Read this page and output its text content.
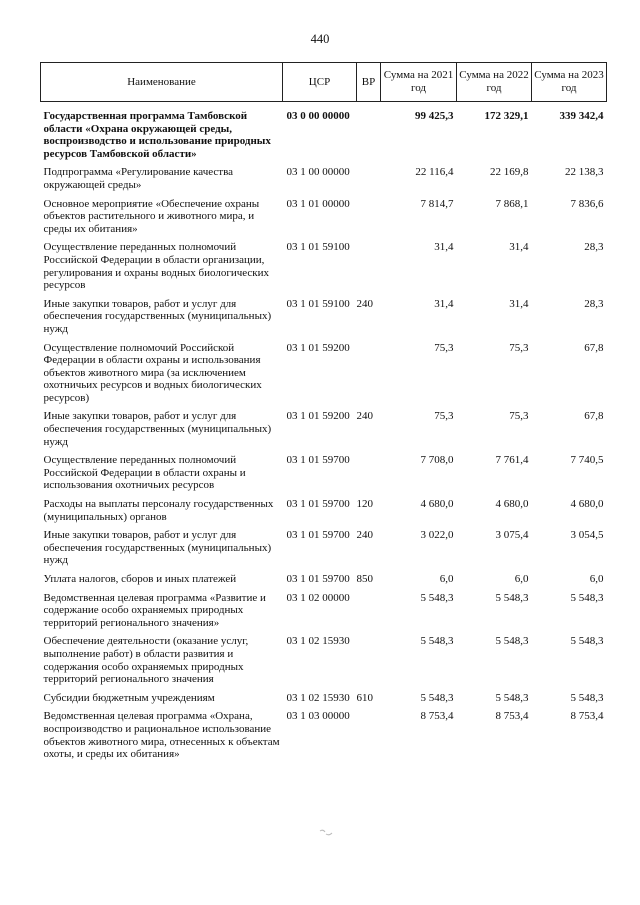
440
Наименование	ЦСР	ВР	Сумма на 2021 год	Сумма на 2022 год	Сумма на 2023 год

Государственная программа Тамбовской области «Охрана окружающей среды, воспроизводство и использование природных ресурсов Тамбовской области»	03 0 00 00000		99 425,3	172 329,1	339 342,4
Подпрограмма «Регулирование качества окружающей среды»	03 1 00 00000		22 116,4	22 169,8	22 138,3
Основное мероприятие «Обеспечение охраны объектов растительного и животного мира, и среды их обитания»	03 1 01 00000		7 814,7	7 868,1	7 836,6
Осуществление переданных полномочий Российской Федерации в области организации, регулирования и охраны водных биологических ресурсов	03 1 01 59100		31,4	31,4	28,3
Иные закупки товаров, работ и услуг для обеспечения государственных (муниципальных) нужд	03 1 01 59100	240	31,4	31,4	28,3
Осуществление полномочий Российской Федерации в области охраны и использования объектов животного мира (за исключением охотничьих ресурсов и водных биологических ресурсов)	03 1 01 59200		75,3	75,3	67,8
Иные закупки товаров, работ и услуг для обеспечения государственных (муниципальных) нужд	03 1 01 59200	240	75,3	75,3	67,8
Осуществление переданных полномочий Российской Федерации в области охраны и использования охотничьих ресурсов	03 1 01 59700		7 708,0	7 761,4	7 740,5
Расходы на выплаты персоналу государственных (муниципальных) органов	03 1 01 59700	120	4 680,0	4 680,0	4 680,0
Иные закупки товаров, работ и услуг для обеспечения государственных (муниципальных) нужд	03 1 01 59700	240	3 022,0	3 075,4	3 054,5
Уплата налогов, сборов и иных платежей	03 1 01 59700	850	6,0	6,0	6,0
Ведомственная целевая программа «Развитие и содержание особо охраняемых природных территорий регионального значения»	03 1 02 00000		5 548,3	5 548,3	5 548,3
Обеспечение деятельности (оказание услуг, выполнение работ) в области развития и содержания особо охраняемых природных территорий регионального значения	03 1 02 15930		5 548,3	5 548,3	5 548,3
Субсидии бюджетным учреждениям	03 1 02 15930	610	5 548,3	5 548,3	5 548,3
Ведомственная целевая программа «Охрана, воспроизводство и рациональное использование объектов животного мира, отнесенных к объектам охоты, и среды их обитания»	03 1 03 00000		8 753,4	8 753,4	8 753,4
